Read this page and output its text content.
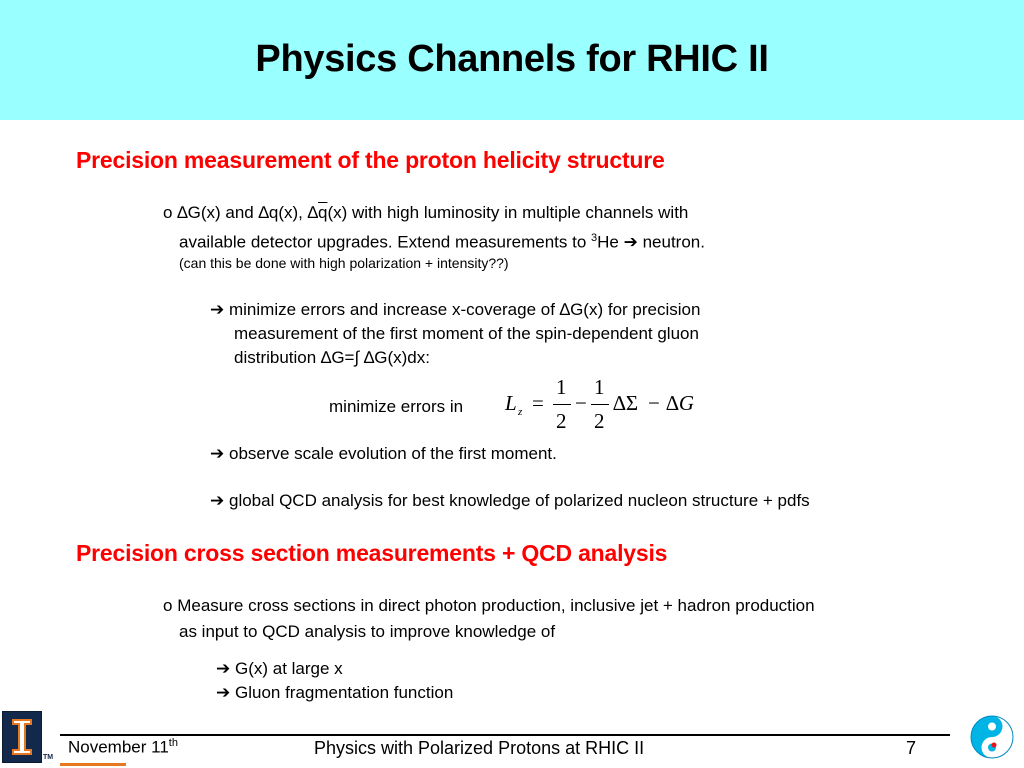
Physics Channels for RHIC II
Precision measurement of the proton helicity structure
o ∆G(x) and ∆q(x), $\Delta\overline{q}(x)$ with high luminosity in multiple channels with
available detector upgrades. Extend measurements to $^3$He ➔ neutron.
(can this be done with high polarization + intensity??)
➔ minimize errors and increase x-coverage of ∆G(x) for precision
measurement of the first moment of the spin-dependent gluon
distribution ∆G=∫ ∆G(x)dx:
minimize errors in L z =
1
2
−
1
2
∆Σ − ∆G
➔ observe scale evolution of the first moment.
➔ global QCD analysis for best knowledge of polarized nucleon structure + pdfs
Precision cross section measurements + QCD analysis
o Measure cross sections in direct photon production, inclusive jet + hadron production
as input to QCD analysis to improve knowledge of
➔ G(x) at large x
➔ Gluon fragmentation function
TM
November 11th	Physics with Polarized Protons at RHIC II	7
